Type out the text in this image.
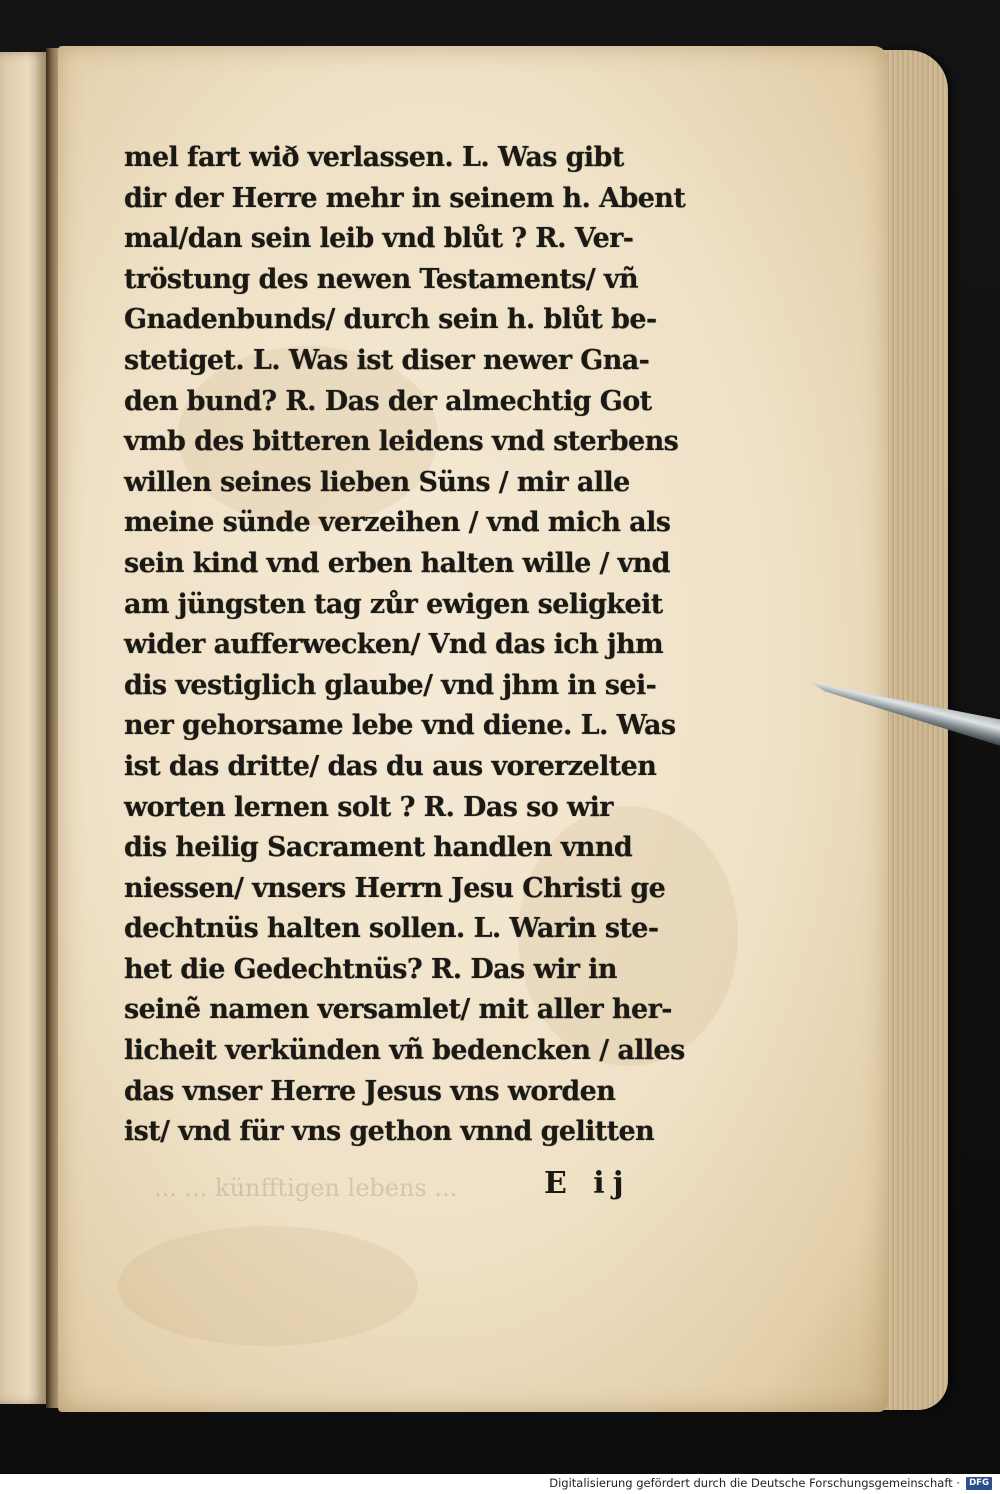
mel fart wið verlassen. L. Was gibt
dir der Herre mehr in seinem h. Abent
mal/dan sein leib vnd blůt ? R. Ver-
tröstung des newen Testaments/ vñ
Gnadenbunds/ durch sein h. blůt be-
stetiget. L. Was ist diser newer Gna-
den bund? R. Das der almechtig Got
vmb des bitteren leidens vnd sterbens
willen seines lieben Süns / mir alle
meine sünde verzeihen / vnd mich als
sein kind vnd erben halten wille / vnd
am jüngsten tag zůr ewigen seligkeit
wider aufferwecken/ Vnd das ich jhm
dis vestiglich glaube/ vnd jhm in sei-
ner gehorsame lebe vnd diene. L. Was
ist das dritte/ das du aus vorerzelten
worten lernen solt ? R. Das so wir
dis heilig Sacrament handlen vnnd
niessen/ vnsers Herrn Jesu Christi ge
dechtnüs halten sollen. L. Warin ste-
het die Gedechtnüs? R. Das wir in
seinẽ namen versamlet/ mit aller her-
licheit verkünden vñ bedencken / alles
das vnser Herre Jesus vns worden
ist/ vnd für vns gethon vnnd gelitten
... ... künfftigen lebens ...	E ij
Digitalisierung gefördert durch die Deutsche Forschungsgemeinschaft ·	DFG
